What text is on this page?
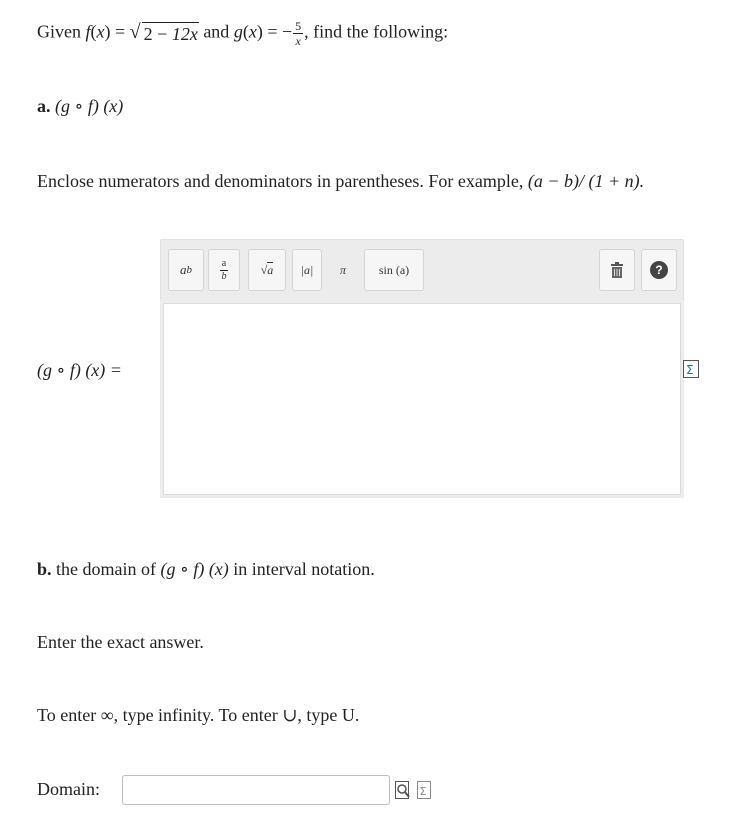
Given f(x) = √ 2 − 12x and g(x) = − $\frac{5}{x}$ , find the following:
a. (g ∘ f) (x)
Enclose numerators and denominators in parentheses. For example, (a − b)/ (1 + n).
(g ∘ f) (x) =
a b	$\frac{a}{b}$	√ a |a| π	sin (a)	?
Σ
b. the domain of (g ∘ f) (x) in interval notation.
Enter the exact answer.
To enter ∞, type infinity. To enter ∪, type U.
Domain:	Σ
